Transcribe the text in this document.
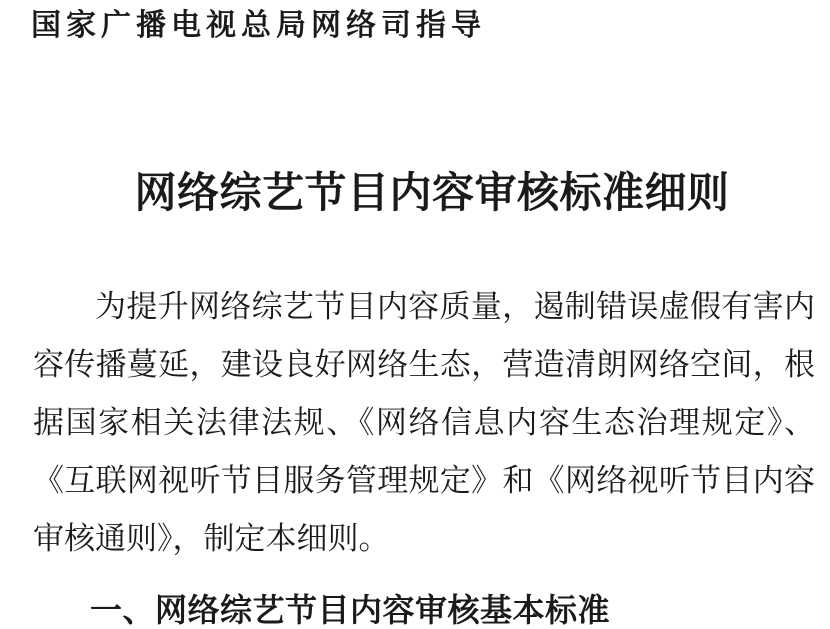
国家广播电视总局网络司指导
网络综艺节目内容审核标准细则
为提升网络综艺节目内容质量，遏制错误虚假有害内
容传播蔓延，建设良好网络生态，营造清朗网络空间，根
据国家相关法律法规、《网络信息内容生态治理规定》、
《互联网视听节目服务管理规定》和《网络视听节目内容
审核通则》，制定本细则。
一、网络综艺节目内容审核基本标准
